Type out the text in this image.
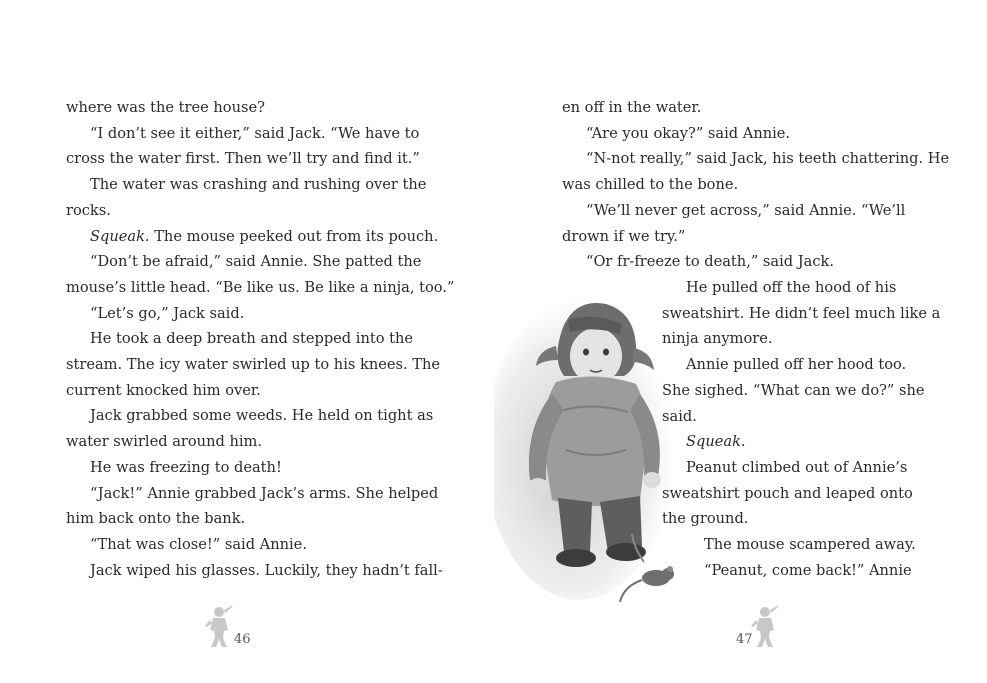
where was the tree house?

“I don’t see it either,” said Jack. “We have to

cross the water first. Then we’ll try and find it.”

The water was crashing and rushing over the

rocks.

Squeak. The mouse peeked out from its pouch.

“Don’t be afraid,” said Annie. She patted the

mouse’s little head. “Be like us. Be like a ninja, too.”

“Let’s go,” Jack said.

He took a deep breath and stepped into the

stream. The icy water swirled up to his knees. The

current knocked him over.

Jack grabbed some weeds. He held on tight as

water swirled around him.

He was freezing to death!

“Jack!” Annie grabbed Jack’s arms. She helped

him back onto the bank.

“That was close!” said Annie.

Jack wiped his glasses. Luckily, they hadn’t fall-

46

en off in the water.

“Are you okay?” said Annie.

“N-not really,” said Jack, his teeth chattering. He

was chilled to the bone.

“We’ll never get across,” said Annie. “We’ll

drown if we try.”

“Or fr-freeze to death,” said Jack.

He pulled off the hood of his

sweatshirt. He didn’t feel much like a

ninja anymore.

Annie pulled off her hood too.

She sighed. “What can we do?” she

said.

Squeak.

Peanut climbed out of Annie’s

sweatshirt pouch and leaped onto

the ground.

The mouse scampered away.

“Peanut, come back!” Annie

47
